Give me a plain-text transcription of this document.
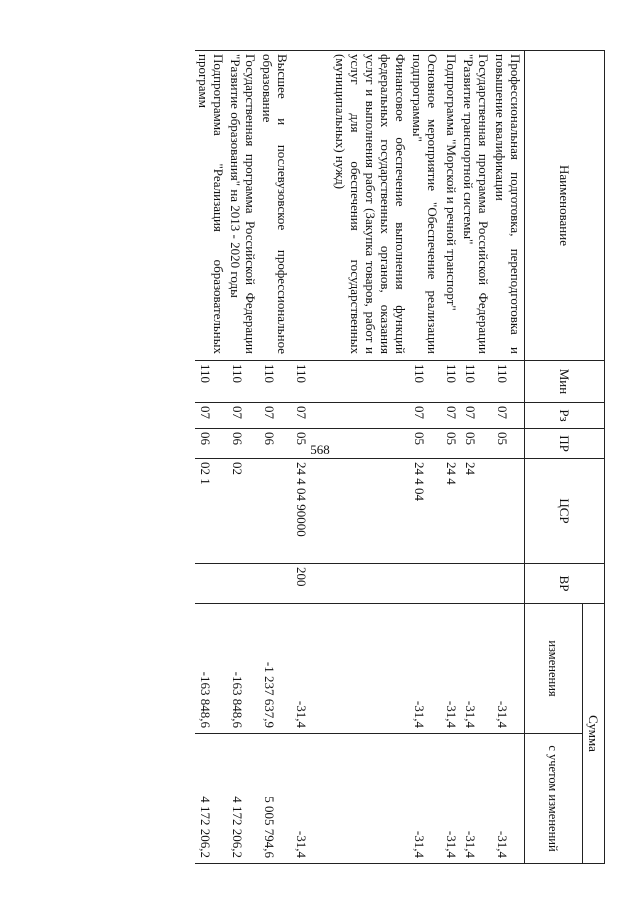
568
Наименование	Мин	Рз	ПР	ЦСР	ВР	Сумма	
						изменения	с учетом изменений
Профессиональная подготовка, переподготовка и повышение квалификации	110	07	05			-31,4	-31,4
Государственная программа Российской Федерации "Развитие транспортной системы"	110	07	05	24		-31,4	-31,4
Подпрограмма "Морской и речной транспорт"	110	07	05	24 4		-31,4	-31,4
Основное мероприятие "Обеспечение реализации подпрограммы"	110	07	05	24 4 04		-31,4	-31,4
Финансовое обеспечение выполнения функций федеральных государственных органов, оказания услуг и выполнения работ (Закупка товаров, работ и услуг для обеспечения государственных (муниципальных) нужд)	110	07	05	24 4 04 90000	200	-31,4	-31,4
Высшее и послевузовское профессиональное образование	110	07	06			-1 237 637,9	5 005 794,6
Государственная программа Российской Федерации "Развитие образования" на 2013 - 2020 годы	110	07	06	02		-163 848,6	4 172 206,2
Подпрограмма "Реализация образовательных программ	110	07	06	02 1		-163 848,6	4 172 206,2
